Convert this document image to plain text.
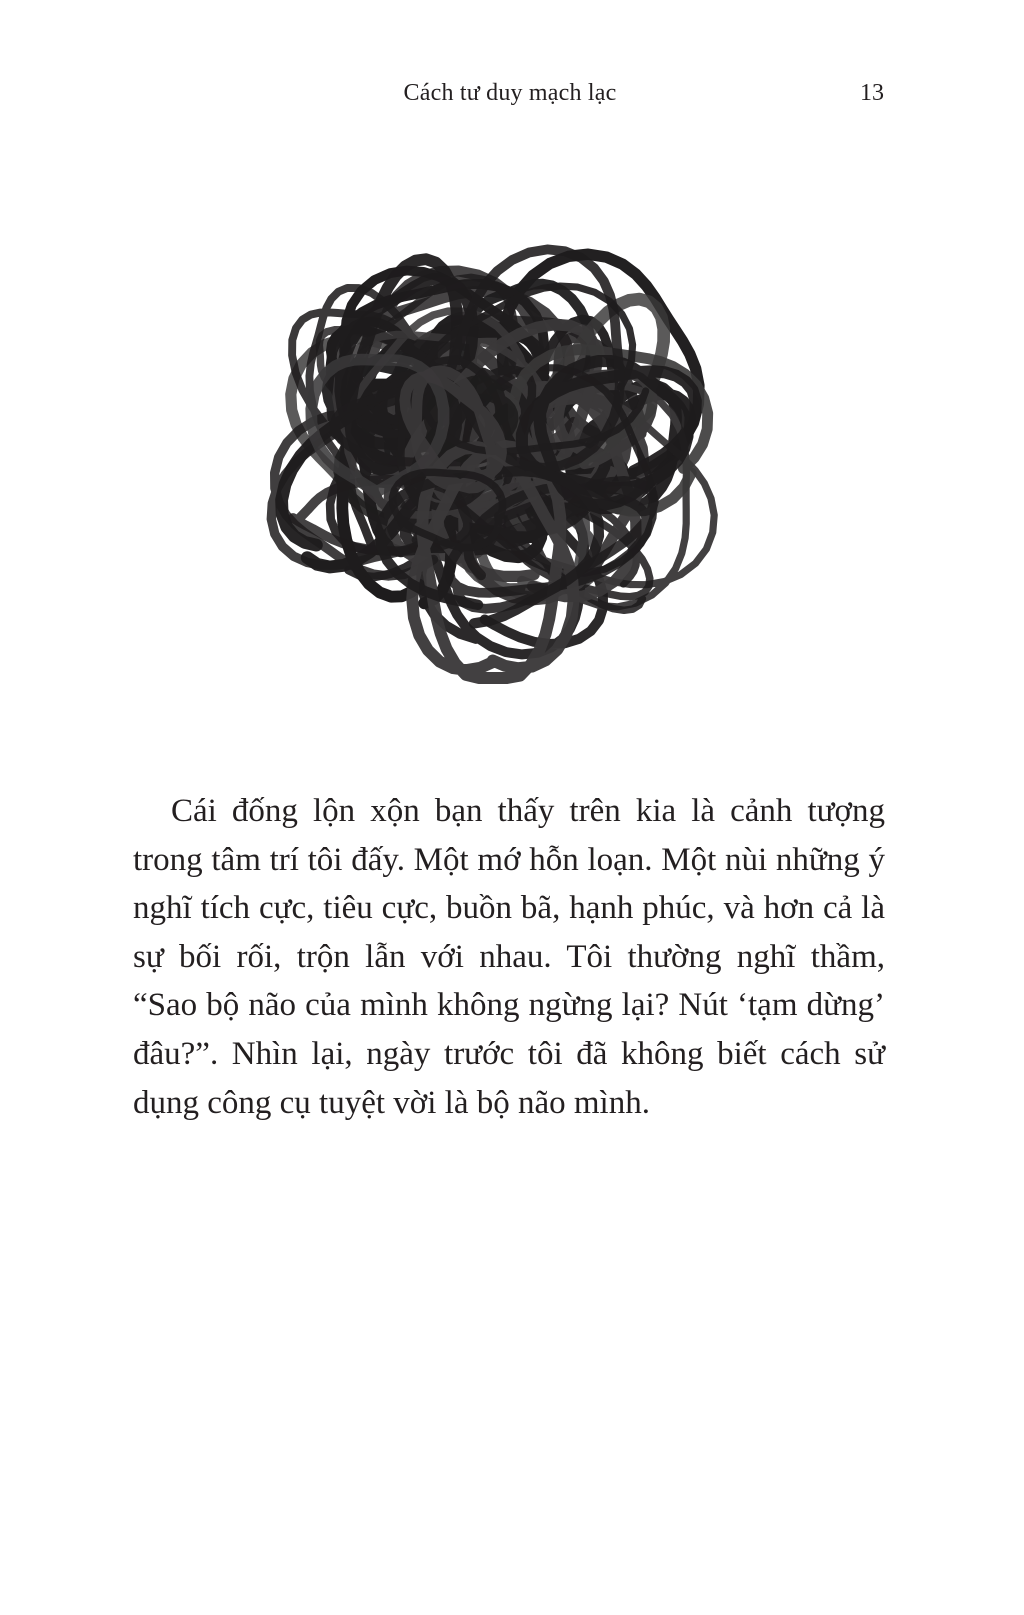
Cách tư duy mạch lạc	13

Cái đống lộn xộn bạn thấy trên kia là cảnh tượng trong tâm trí tôi đấy. Một mớ hỗn loạn. Một nùi những ý nghĩ tích cực, tiêu cực, buồn bã, hạnh phúc, và hơn cả là sự bối rối, trộn lẫn với nhau. Tôi thường nghĩ thầm, “Sao bộ não của mình không ngừng lại? Nút ‘tạm dừng’ đâu?”. Nhìn lại, ngày trước tôi đã không biết cách sử dụng công cụ tuyệt vời là bộ não mình.
